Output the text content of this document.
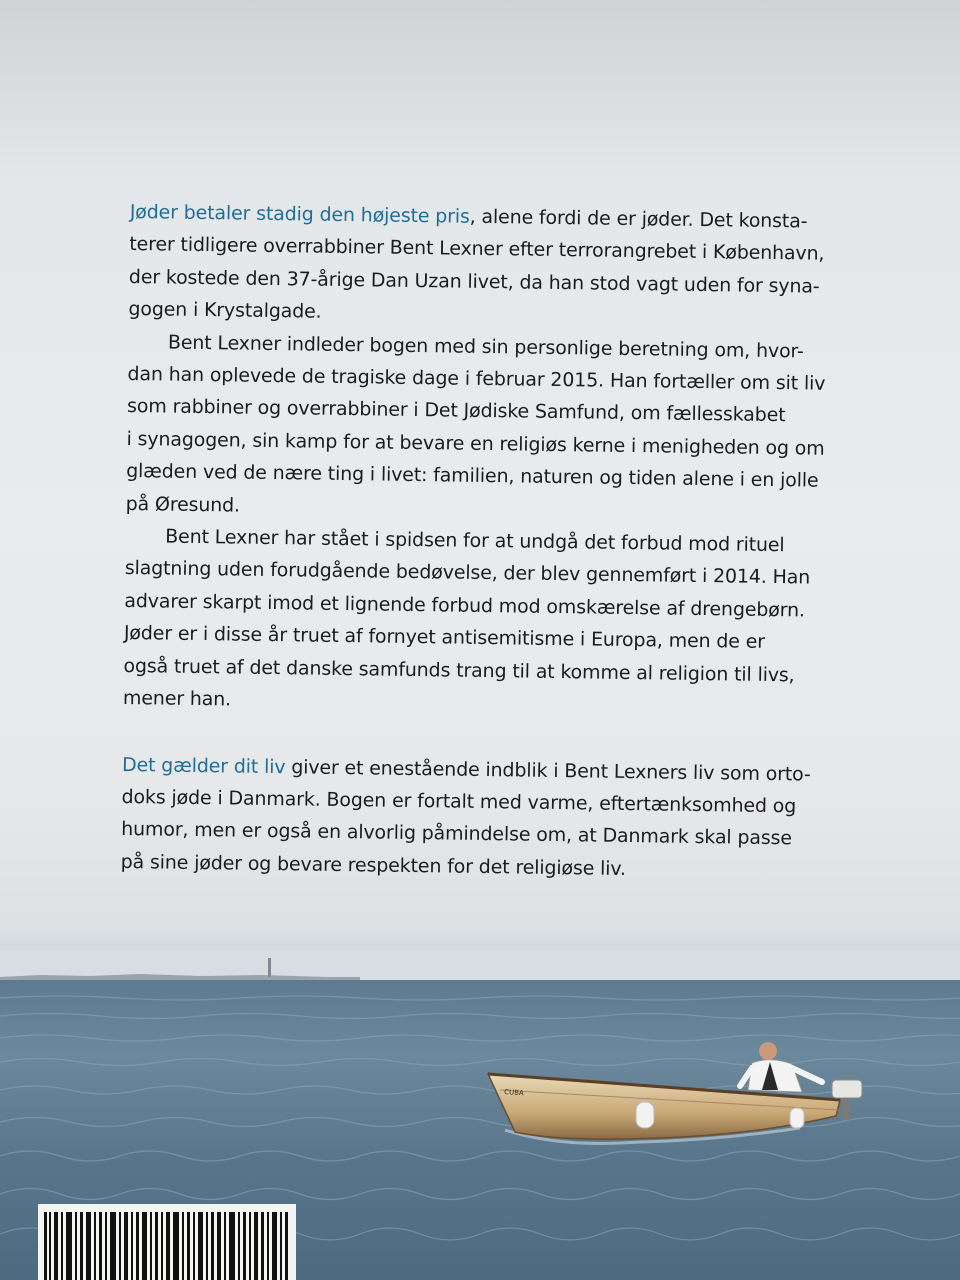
Jøder betaler stadig den højeste pris, alene fordi de er jøder. Det konsta-
terer tidligere overrabbiner Bent Lexner efter terrorangrebet i København,
der kostede den 37-årige Dan Uzan livet, da han stod vagt uden for syna-
gogen i Krystalgade.

Bent Lexner indleder bogen med sin personlige beretning om, hvor-
dan han oplevede de tragiske dage i februar 2015. Han fortæller om sit liv
som rabbiner og overrabbiner i Det Jødiske Samfund, om fællesskabet
i synagogen, sin kamp for at bevare en religiøs kerne i menigheden og om
glæden ved de nære ting i livet: familien, naturen og tiden alene i en jolle
på Øresund.

Bent Lexner har stået i spidsen for at undgå det forbud mod rituel
slagtning uden forudgående bedøvelse, der blev gennemført i 2014. Han
advarer skarpt imod et lignende forbud mod omskærelse af drengebørn.
Jøder er i disse år truet af fornyet antisemitisme i Europa, men de er
også truet af det danske samfunds trang til at komme al religion til livs,
mener han.

Det gælder dit liv giver et enestående indblik i Bent Lexners liv som orto-
doks jøde i Danmark. Bogen er fortalt med varme, eftertænksomhed og
humor, men er også en alvorlig påmindelse om, at Danmark skal passe
på sine jøder og bevare respekten for det religiøse liv.

CUBA
